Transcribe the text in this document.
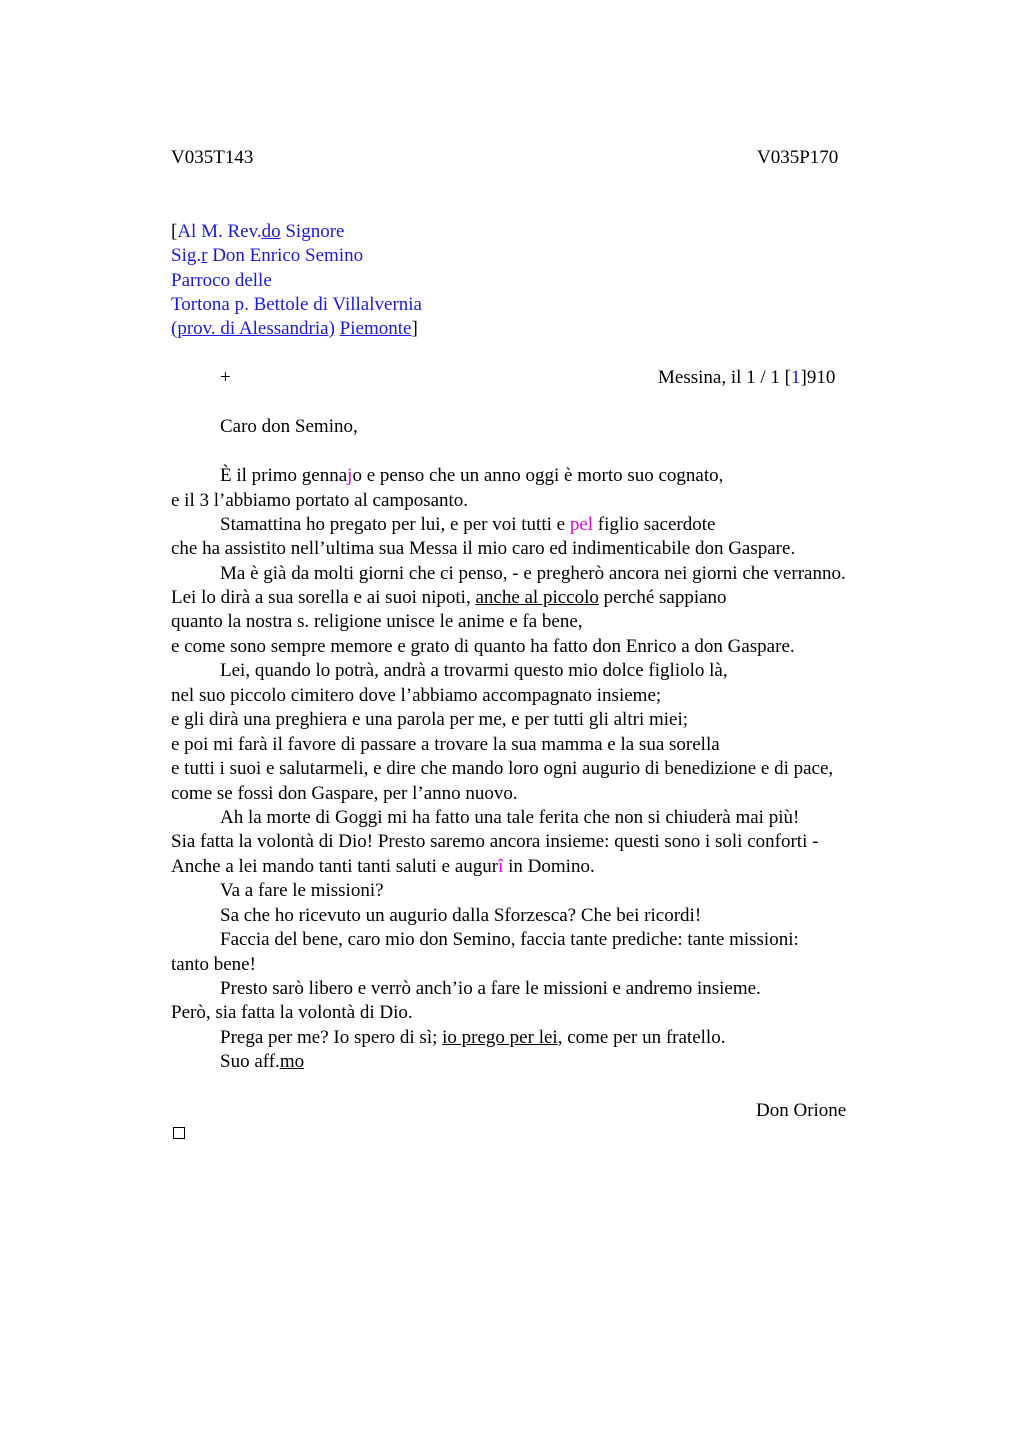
V035T143	V035P170
[Al M. Rev.do Signore
Sig.r Don Enrico Semino
Parroco delle
Tortona p. Bettole di Villalvernia
(prov. di Alessandria) Piemonte]
+	Messina, il 1 / 1 [1]910
Caro don Semino,
È il primo gennajo e penso che un anno oggi è morto suo cognato,
e il 3 l’abbiamo portato al camposanto.
Stamattina ho pregato per lui, e per voi tutti e pel figlio sacerdote
che ha assistito nell’ultima sua Messa il mio caro ed indimenticabile don Gaspare.
Ma è già da molti giorni che ci penso, - e pregherò ancora nei giorni che verranno.
Lei lo dirà a sua sorella e ai suoi nipoti, anche al piccolo perché sappiano
quanto la nostra s. religione unisce le anime e fa bene,
e come sono sempre memore e grato di quanto ha fatto don Enrico a don Gaspare.
Lei, quando lo potrà, andrà a trovarmi questo mio dolce figliolo là,
nel suo piccolo cimitero dove l’abbiamo accompagnato insieme;
e gli dirà una preghiera e una parola per me, e per tutti gli altri miei;
e poi mi farà il favore di passare a trovare la sua mamma e la sua sorella
e tutti i suoi e salutarmeli, e dire che mando loro ogni augurio di benedizione e di pace,
come se fossi don Gaspare, per l’anno nuovo.
Ah la morte di Goggi mi ha fatto una tale ferita che non si chiuderà mai più!
Sia fatta la volontà di Dio! Presto saremo ancora insieme: questi sono i soli conforti -
Anche a lei mando tanti tanti saluti e augurî in Domino.
Va a fare le missioni?
Sa che ho ricevuto un augurio dalla Sforzesca? Che bei ricordi!
Faccia del bene, caro mio don Semino, faccia tante prediche: tante missioni:
tanto bene!
Presto sarò libero e verrò anch’io a fare le missioni e andremo insieme.
Però, sia fatta la volontà di Dio.
Prega per me? Io spero di sì; io prego per lei, come per un fratello.
Suo aff.mo
Don Orione
